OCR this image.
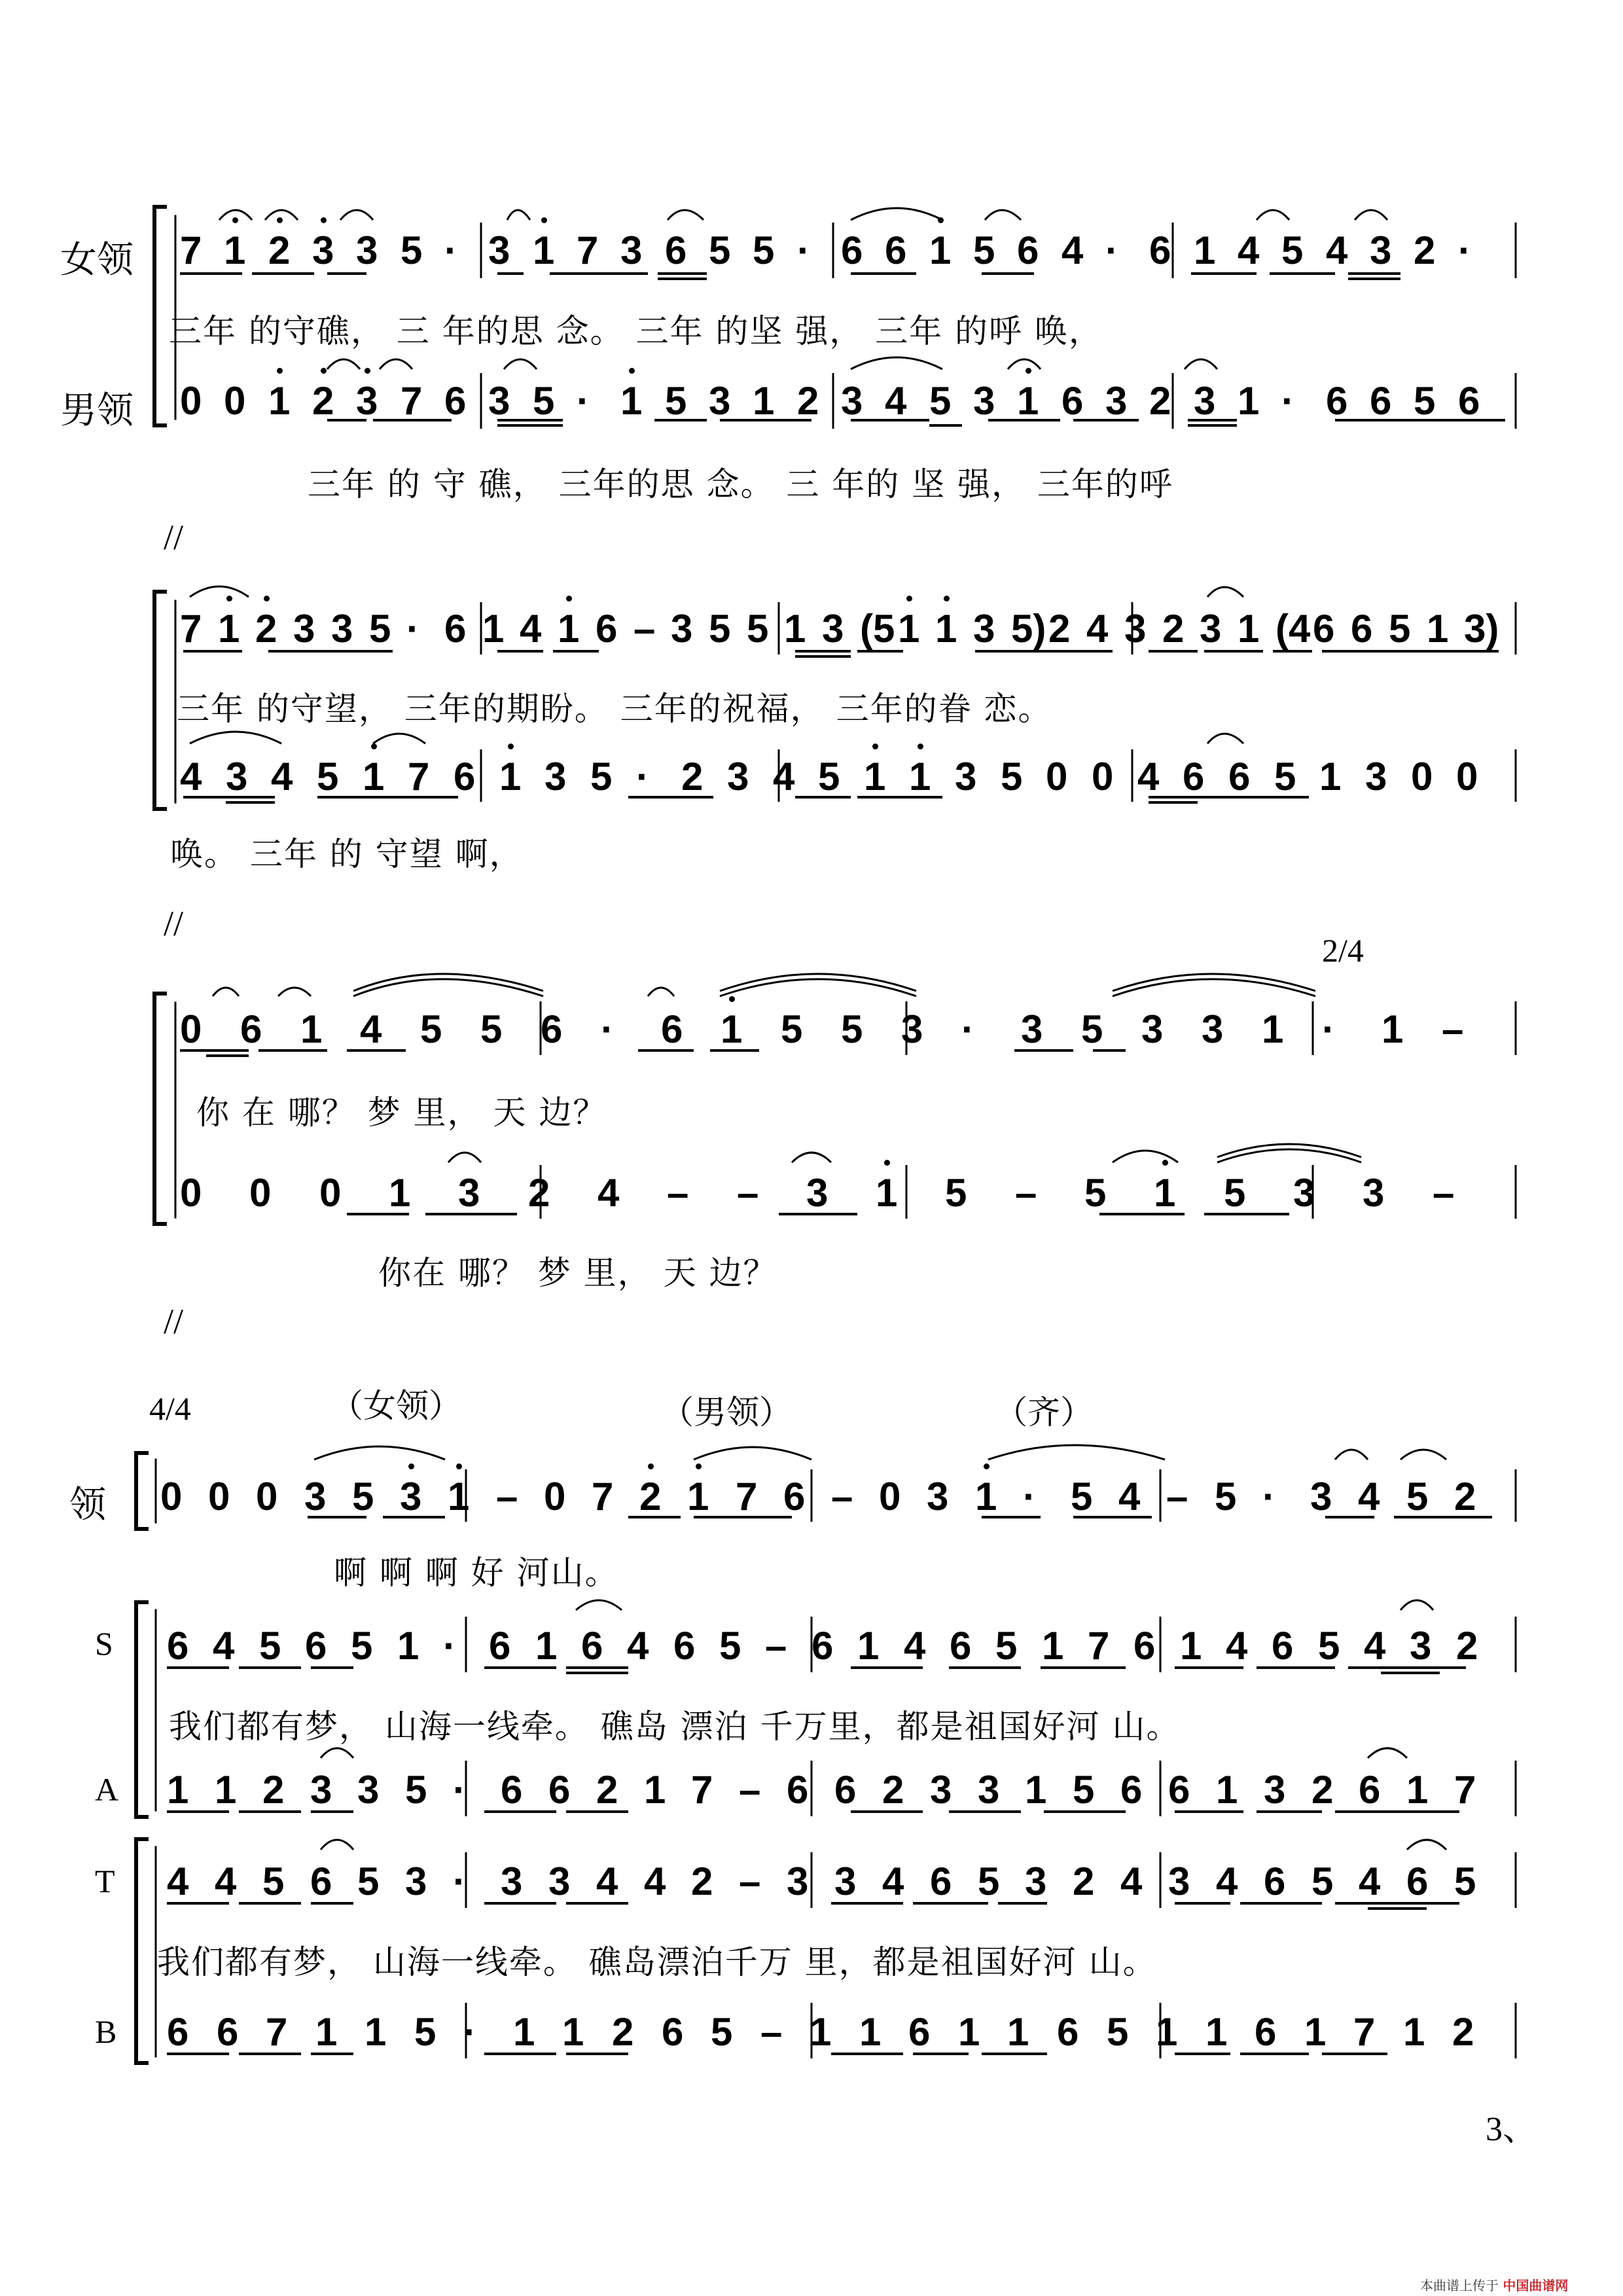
女领
男领
领
S
A
T
B
7 1 2 3 3 5 · 3 1 7 3 6 5 5 · 6 6 1 5 6 4 · 6 1 4 5 4 3 2 ·
0 0 1 2 3 7 6 3 5 · 1 5 3 1 2 3 4 5 3 1 6 3 2 3 1 · 6 6 5 6
7 1 2 3 3 5 · 6 1 4 1 6 – 3 5 5 1 3 (5 1 1 3 5) 2 4 3 2 3 1 (4 6 6 5 1 3)
4 3 4 5 1 7 6 1 3 5 · 2 3 4 5 1 1 3 5 0 0 4 6 6 5 1 3 0 0
0 6 1 4 5 5 6 · 6 1 5 5 3 · 3 5 3 3 1 · 1 –
0 0 0 1 3 2 4 – – 3 1 5 – 5 1 5 3 3 –
0 0 0 3 5 3 1 – 0 7 2 1 7 6 – 0 3 1 · 5 4 – 5 · 3 4 5 2
6 4 5 6 5 1 · 6 1 6 4 6 5 – 6 1 4 6 5 1 7 6 1 4 6 5 4 3 2
1 1 2 3 3 5 · 6 6 2 1 7 – 6 6 2 3 3 1 5 6 6 1 3 2 6 1 7
4 4 5 6 5 3 · 3 3 4 4 2 – 3 3 4 6 5 3 2 4 3 4 6 5 4 6 5
6 6 7 1 1 5 · 1 1 2 6 5 – 1 1 6 1 1 6 5 1 1 6 1 7 1 2
三年 的守礁， 三 年的思 念。 三年 的坚 强， 三年 的呼 唤，
三年 的 守 礁， 三年的思 念。 三 年的 坚 强， 三年的呼
三年 的守望， 三年的期盼。 三年的祝福， 三年的眷 恋。
唤。 三年 的 守望 啊，
你 在 哪？ 梦 里， 天 边？
你在 哪？ 梦 里， 天 边？
啊 啊 啊 好 河山。
我们都有梦， 山海一线牵。 礁岛 漂泊 千万里，都是祖国好河 山。
我们都有梦， 山海一线牵。 礁岛漂泊千万 里，都是祖国好河 山。
//
//
//
2/4
4/4	（女领）	（男领）	（齐）
3、
本曲谱上传于 中国曲谱网
